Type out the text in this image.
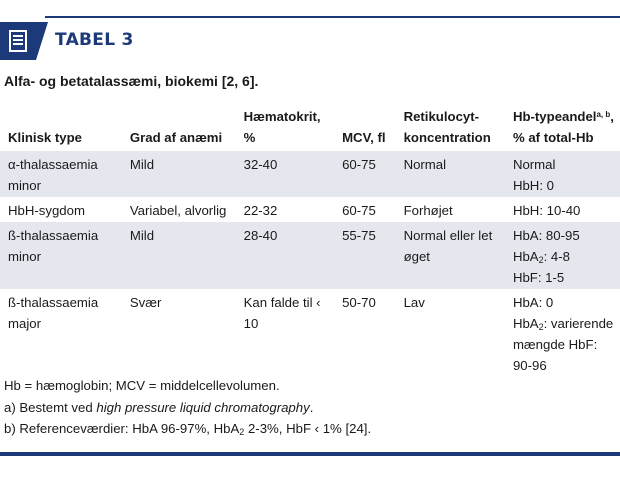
TABEL 3
Alfa- og betatalassæmi, biokemi [2, 6].
Klinisk type	Grad af anæmi	Hæmatokrit, %	MCV, fl	Retikulocyt-koncentration	Hb-typeandel$^{a, b}$, % af total-Hb
α-thalassaemia minor	Mild	32-40	60-75	Normal	Normal
HbH: 0

HbH-sygdom	Variabel, alvorlig	22-32	60-75	Forhøjet	HbH: 10-40

ß-thalassaemia minor	Mild	28-40	55-75	Normal eller let øget	HbA: 80-95
HbA$_2$: 4-8
HbF: 1-5

ß-thalassaemia major	Svær	Kan falde til ‹ 10	50-70	Lav	HbA: 0
HbA$_2$: varierende mængde HbF: 90-96
Hb = hæmoglobin; MCV = middelcellevolumen.
a) Bestemt ved high pressure liquid chromatography.
b) Referenceværdier: HbA 96-97%, HbA$_2$ 2-3%, HbF ‹ 1% [24].
